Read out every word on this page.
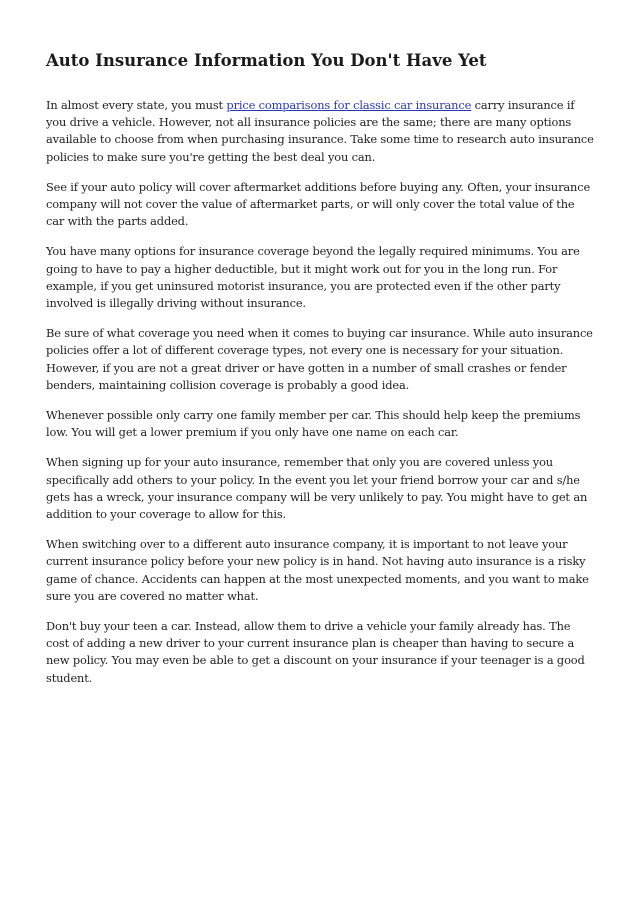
Auto Insurance Information You Don't Have Yet

In almost every state, you must price comparisons for classic car insurance carry insurance if you drive a vehicle. However, not all insurance policies are the same; there are many options available to choose from when purchasing insurance. Take some time to research auto insurance policies to make sure you're getting the best deal you can.

See if your auto policy will cover aftermarket additions before buying any. Often, your insurance company will not cover the value of aftermarket parts, or will only cover the total value of the car with the parts added.

You have many options for insurance coverage beyond the legally required minimums. You are going to have to pay a higher deductible, but it might work out for you in the long run. For example, if you get uninsured motorist insurance, you are protected even if the other party involved is illegally driving without insurance.

Be sure of what coverage you need when it comes to buying car insurance. While auto insurance policies offer a lot of different coverage types, not every one is necessary for your situation. However, if you are not a great driver or have gotten in a number of small crashes or fender benders, maintaining collision coverage is probably a good idea.

Whenever possible only carry one family member per car. This should help keep the premiums low. You will get a lower premium if you only have one name on each car.

When signing up for your auto insurance, remember that only you are covered unless you specifically add others to your policy. In the event you let your friend borrow your car and s/he gets has a wreck, your insurance company will be very unlikely to pay. You might have to get an addition to your coverage to allow for this.

When switching over to a different auto insurance company, it is important to not leave your current insurance policy before your new policy is in hand. Not having auto insurance is a risky game of chance. Accidents can happen at the most unexpected moments, and you want to make sure you are covered no matter what.

Don't buy your teen a car. Instead, allow them to drive a vehicle your family already has. The cost of adding a new driver to your current insurance plan is cheaper than having to secure a new policy. You may even be able to get a discount on your insurance if your teenager is a good student.
